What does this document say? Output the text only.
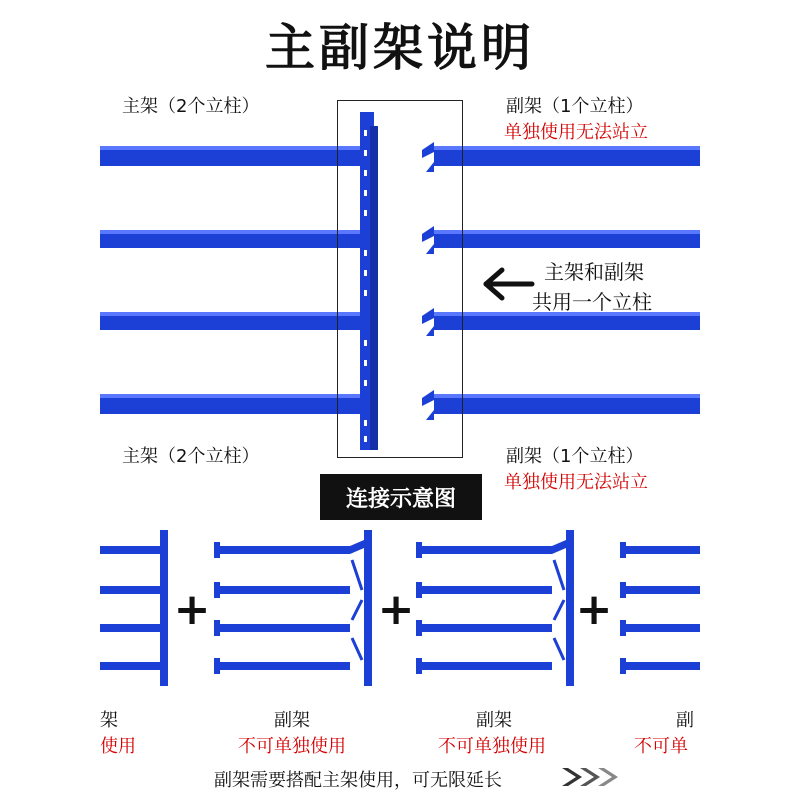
主副架说明
主架（2个立柱）	副架（1个立柱）
单独使用无法站立
主架和副架
共用一个立柱
主架（2个立柱）	副架（1个立柱）
单独使用无法站立
连接示意图
+	+	+
架
使用
副架
不可单独使用
副架
不可单独使用
副
不可单
副架需要搭配主架使用，可无限延长
